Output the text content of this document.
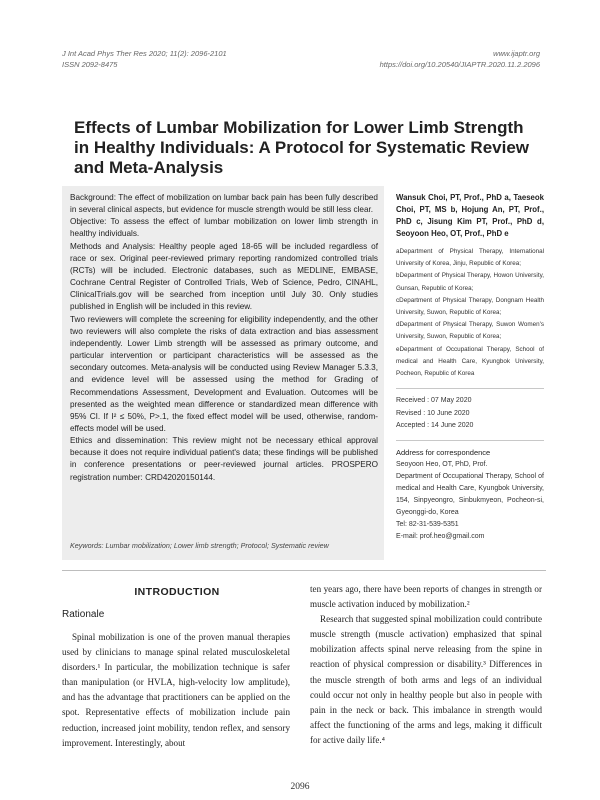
J Int Acad Phys Ther Res 2020; 11(2): 2096-2101
ISSN 2092-8475
www.ijaptr.org
https://doi.org/10.20540/JIAPTR.2020.11.2.2096
Effects of Lumbar Mobilization for Lower Limb Strength in Healthy Individuals: A Protocol for Systematic Review and Meta-Analysis

Background: The effect of mobilization on lumbar back pain has been fully described in several clinical aspects, but evidence for muscle strength would be still less clear.

Objective: To assess the effect of lumbar mobilization on lower limb strength in healthy individuals.

Methods and Analysis: Healthy people aged 18-65 will be included regardless of race or sex. Original peer-reviewed primary reporting randomized controlled trials (RCTs) will be included. Electronic databases, such as MEDLINE, EMBASE, Cochrane Central Register of Controlled Trials, Web of Science, Pedro, CINAHL, ClinicalTrials.gov will be searched from inception until July 30. Only studies published in English will be included in this review.

Two reviewers will complete the screening for eligibility independently, and the other two reviewers will also complete the risks of data extraction and bias assessment independently. Lower Limb strength will be assessed as primary outcome, and particular intervention or participant characteristics will be assessed as the secondary outcomes. Meta-analysis will be conducted using Review Manager 5.3.3, and evidence level will be assessed using the method for Grading of Recommendations Assessment, Development and Evaluation. Outcomes will be presented as the weighted mean difference or standardized mean difference with 95% CI. If I² ≤ 50%, P>.1, the fixed effect model will be used, otherwise, random-effects model will be used.

Ethics and dissemination: This review might not be necessary ethical approval because it does not require individual patient's data; these findings will be published in conference presentations or peer-reviewed journal articles. PROSPERO registration number: CRD42020150144.

Keywords: Lumbar mobilization; Lower limb strength; Protocol; Systematic review

Wansuk Choi, PT, Prof., PhD a, Taeseok Choi, PT, MS b, Hojung An, PT, Prof., PhD c, Jisung Kim PT, Prof., PhD d, Seoyoon Heo, OT, Prof., PhD e

aDepartment of Physical Therapy, International University of Korea, Jinju, Republic of Korea;

bDepartment of Physical Therapy, Howon University, Gunsan, Republic of Korea;

cDepartment of Physical Therapy, Dongnam Health University, Suwon, Republic of Korea;

dDepartment of Physical Therapy, Suwon Women's University, Suwon, Republic of Korea;

eDepartment of Occupational Therapy, School of medical and Health Care, Kyungbok University, Pocheon, Republic of Korea

Received : 07 May 2020
Revised : 10 June 2020
Accepted : 14 June 2020
Address for correspondence
Seoyoon Heo, OT, PhD, Prof.
Department of Occupational Therapy, School of medical and Health Care, Kyungbok University, 154, Sinpyeongro, Sinbukmyeon, Pocheon-si, Gyeonggi-do, Korea
Tel: 82-31-539-5351
E-mail: prof.heo@gmail.com
INTRODUCTION
Rationale

Spinal mobilization is one of the proven manual therapies used by clinicians to manage spinal related musculoskeletal disorders.¹ In particular, the mobilization technique is safer than manipulation (or HVLA, high-velocity low amplitude), and has the advantage that practitioners can be applied on the spot. Representative effects of mobilization include pain reduction, increased joint mobility, tendon reflex, and sensory improvement. Interestingly, about

ten years ago, there have been reports of changes in strength or muscle activation induced by mobilization.²

Research that suggested spinal mobilization could contribute muscle strength (muscle activation) emphasized that spinal mobilization affects spinal nerve releasing from the spine in reaction of physical compression or disability.³ Differences in the muscle strength of both arms and legs of an individual could occur not only in healthy people but also in people with pain in the neck or back. This imbalance in strength would affect the functioning of the arms and legs, making it difficult for active daily life.⁴

2096
